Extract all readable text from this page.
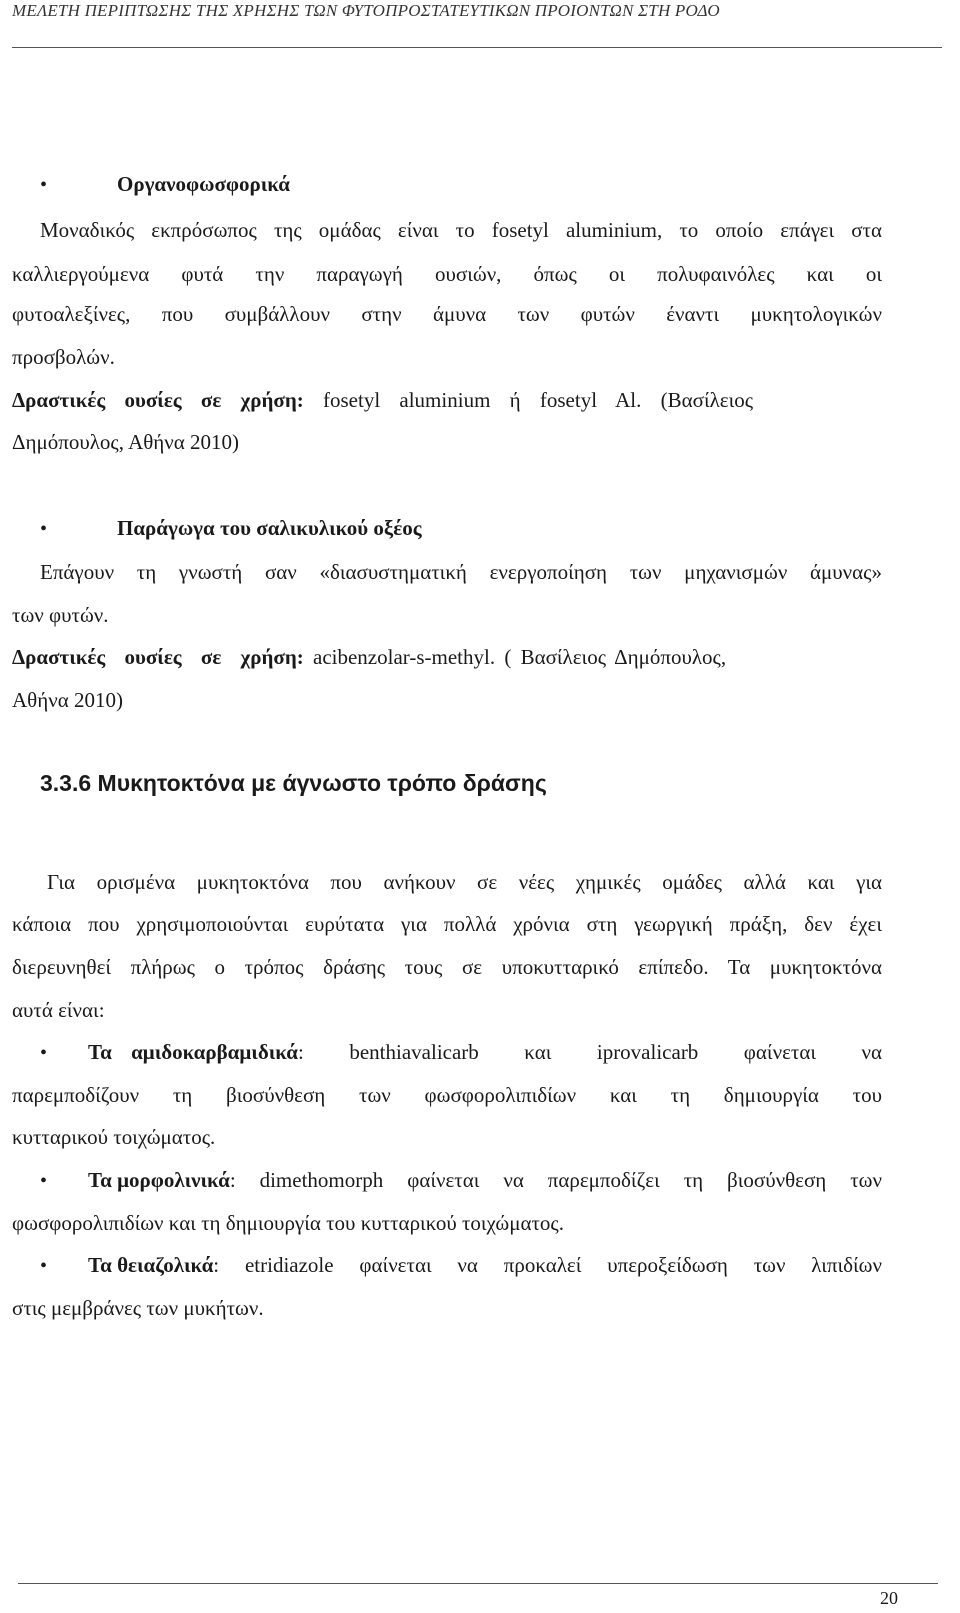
ΜΕΛΕΤΗ ΠΕΡΙΠΤΩΣΗΣ ΤΗΣ ΧΡΗΣΗΣ ΤΩΝ ΦΥΤΟΠΡΟΣΤΑΤΕΥΤΙΚΩΝ ΠΡΟΙΟΝΤΩΝ ΣΤΗ ΡΟΔΟ
•	Οργανοφωσφορικά
Μοναδικός εκπρόσωπος της ομάδας είναι το fosetyl aluminium, το οποίο επάγει στα
καλλιεργούμενα φυτά την παραγωγή ουσιών, όπως οι πολυφαινόλες και οι
φυτοαλεξίνες, που συμβάλλουν στην άμυνα των φυτών έναντι μυκητολογικών
προσβολών.
Δραστικές ουσίες σε χρήση: fosetyl aluminium ή fosetyl Al. (Βασίλειος
Δημόπουλος, Αθήνα 2010)
•	Παράγωγα του σαλικυλικού οξέος
Επάγουν τη γνωστή σαν «διασυστηματική ενεργοποίηση των μηχανισμών άμυνας»
των φυτών.
Δραστικές ουσίες σε χρήση: acibenzolar-s-methyl. ( Βασίλειος Δημόπουλος,
Αθήνα 2010)
3.3.6 Μυκητοκτόνα με άγνωστο τρόπο δράσης
Για ορισμένα μυκητοκτόνα που ανήκουν σε νέες χημικές ομάδες αλλά και για
κάποια που χρησιμοποιούνται ευρύτατα για πολλά χρόνια στη γεωργική πράξη, δεν έχει
διερευνηθεί πλήρως ο τρόπος δράσης τους σε υποκυτταρικό επίπεδο. Τα μυκητοκτόνα
αυτά είναι:
• Τα αμιδοκαρβαμιδικά : benthiavalicarb και iprovalicarb φαίνεται να
παρεμποδίζουν τη βιοσύνθεση των φωσφορολιπιδίων και τη δημιουργία του
κυτταρικού τοιχώματος.
• Τα μορφολινικά : dimethomorph φαίνεται να παρεμποδίζει τη βιοσύνθεση των
φωσφορολιπιδίων και τη δημιουργία του κυτταρικού τοιχώματος.
• Τα θειαζολικά : etridiazole φαίνεται να προκαλεί υπεροξείδωση των λιπιδίων
στις μεμβράνες των μυκήτων.
20
